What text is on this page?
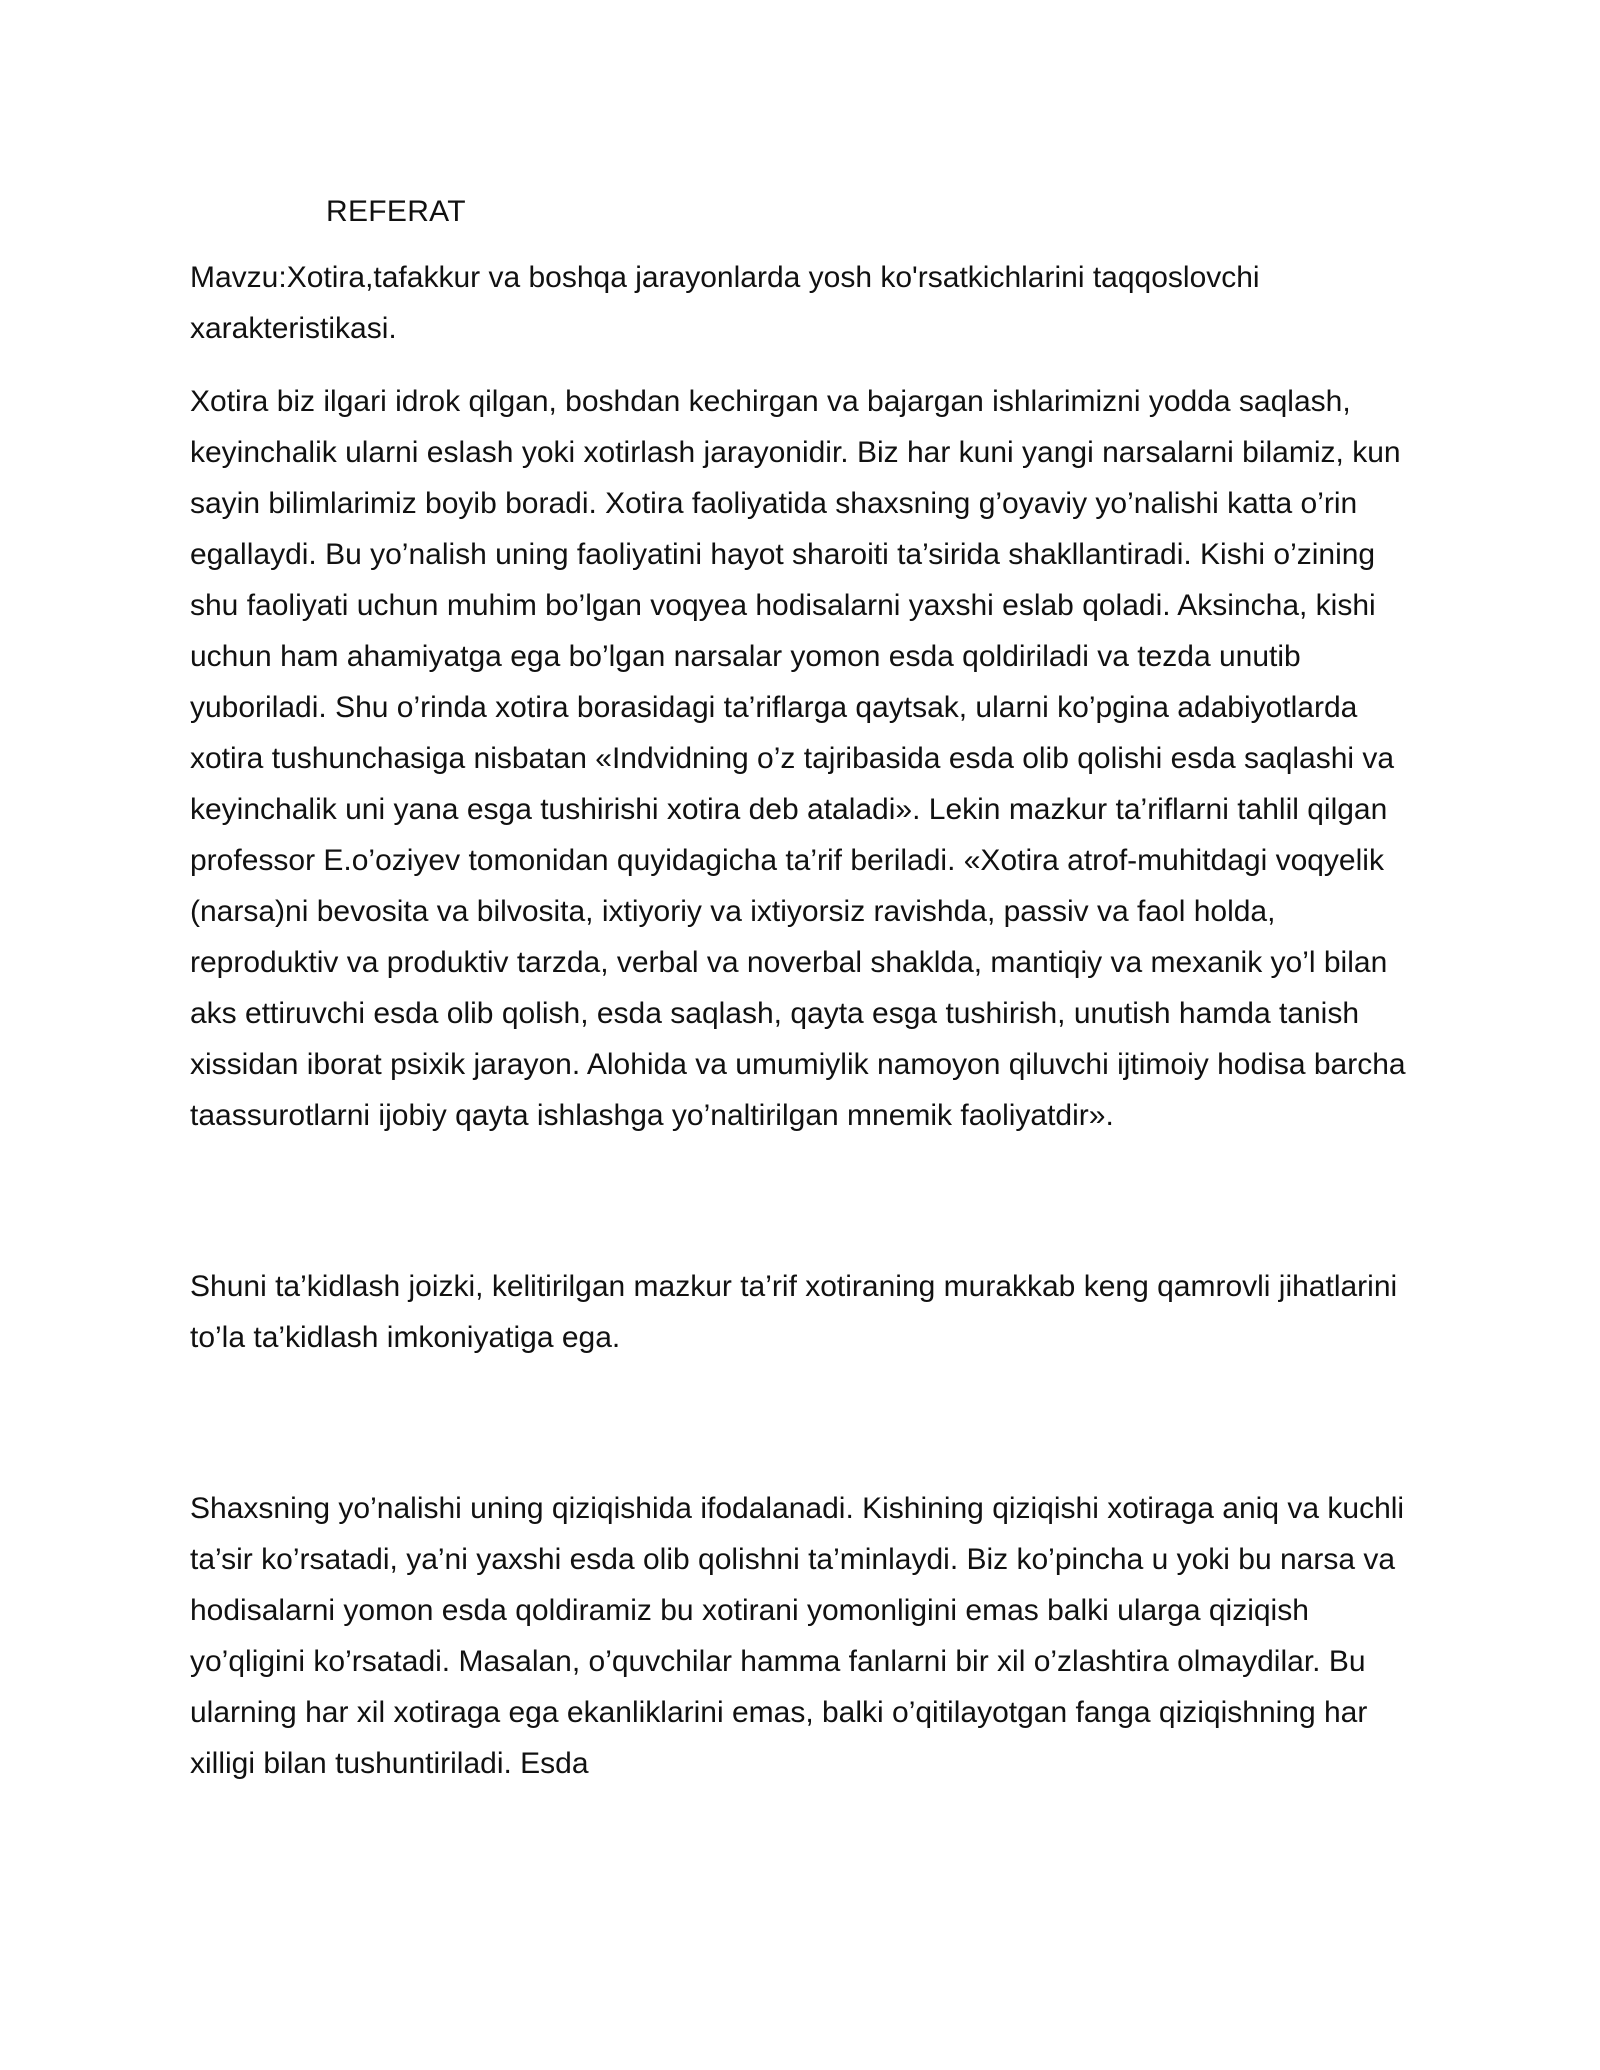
REFERAT

Mavzu:Xotira,tafakkur va boshqa jarayonlarda yosh ko'rsatkichlarini taqqoslovchi xarakteristikasi.

Xotira biz ilgari idrok qilgan, boshdan kechirgan va bajargan ishlarimizni yodda saqlash, keyinchalik ularni eslash yoki xotirlash jarayonidir. Biz har kuni yangi narsalarni bilamiz, kun sayin bilimlarimiz boyib boradi. Xotira faoliyatida shaxsning g’oyaviy yo’nalishi katta o’rin egallaydi. Bu yo’nalish uning faoliyatini hayot sharoiti ta’sirida shakllantiradi. Kishi o’zining shu faoliyati uchun muhim bo’lgan voqyea hodisalarni yaxshi eslab qoladi. Aksincha, kishi uchun ham ahamiyatga ega bo’lgan narsalar yomon esda qoldiriladi va tezda unutib yuboriladi. Shu o’rinda xotira borasidagi ta’riflarga qaytsak, ularni ko’pgina adabiyotlarda xotira tushunchasiga nisbatan «Indvidning o’z tajribasida esda olib qolishi esda saqlashi va keyinchalik uni yana esga tushirishi xotira deb ataladi». Lekin mazkur ta’riflarni tahlil qilgan professor E.o’oziyev tomonidan quyidagicha ta’rif beriladi. «Xotira atrof-muhitdagi voqyelik (narsa)ni bevosita va bilvosita, ixtiyoriy va ixtiyorsiz ravishda, passiv va faol holda, reproduktiv va produktiv tarzda, verbal va noverbal shaklda, mantiqiy va mexanik yo’l bilan aks ettiruvchi esda olib qolish, esda saqlash, qayta esga tushirish, unutish hamda tanish xissidan iborat psixik jarayon. Alohida va umumiylik namoyon qiluvchi ijtimoiy hodisa barcha taassurotlarni ijobiy qayta ishlashga yo’naltirilgan mnemik faoliyatdir».

Shuni ta’kidlash joizki, kelitirilgan mazkur ta’rif xotiraning murakkab keng qamrovli jihatlarini to’la ta’kidlash imkoniyatiga ega.

Shaxsning yo’nalishi uning qiziqishida ifodalanadi. Kishining qiziqishi xotiraga aniq va kuchli ta’sir ko’rsatadi, ya’ni yaxshi esda olib qolishni ta’minlaydi. Biz ko’pincha u yoki bu narsa va hodisalarni yomon esda qoldiramiz bu xotirani yomonligini emas balki ularga qiziqish yo’qligini ko’rsatadi. Masalan, o’quvchilar hamma fanlarni bir xil o’zlashtira olmaydilar. Bu ularning har xil xotiraga ega ekanliklarini emas, balki o’qitilayotgan fanga qiziqishning har xilligi bilan tushuntiriladi. Esda
